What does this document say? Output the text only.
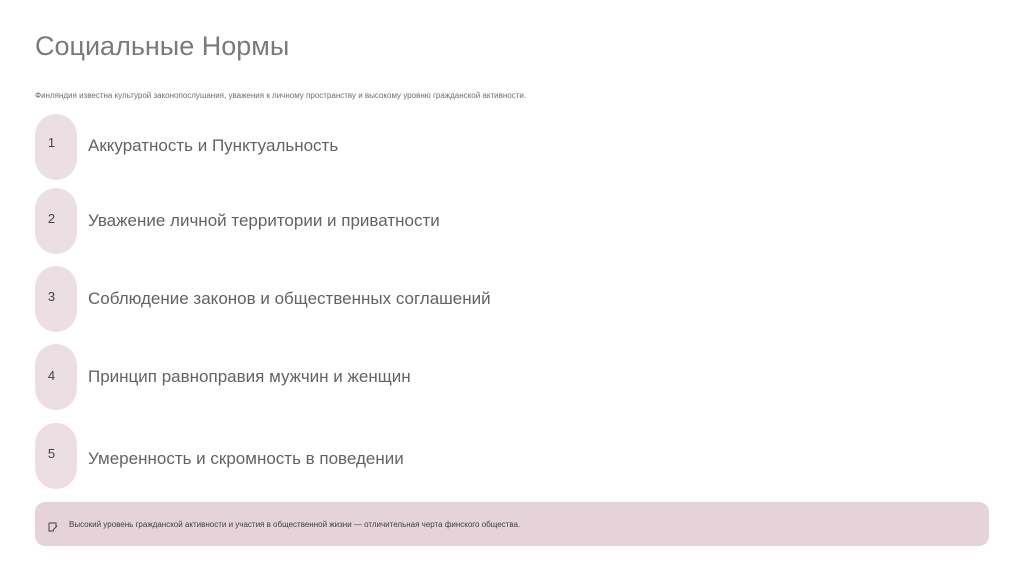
Социальные Нормы
Финляндия известна культурой законопослушания, уважения к личному пространству и высокому уровню гражданской активности.
1	Аккуратность и Пунктуальность
2	Уважение личной территории и приватности
3	Соблюдение законов и общественных соглашений
4	Принцип равноправия мужчин и женщин
5	Умеренность и скромность в поведении
Высокий уровень гражданской активности и участия в общественной жизни — отличительная черта финского общества.
